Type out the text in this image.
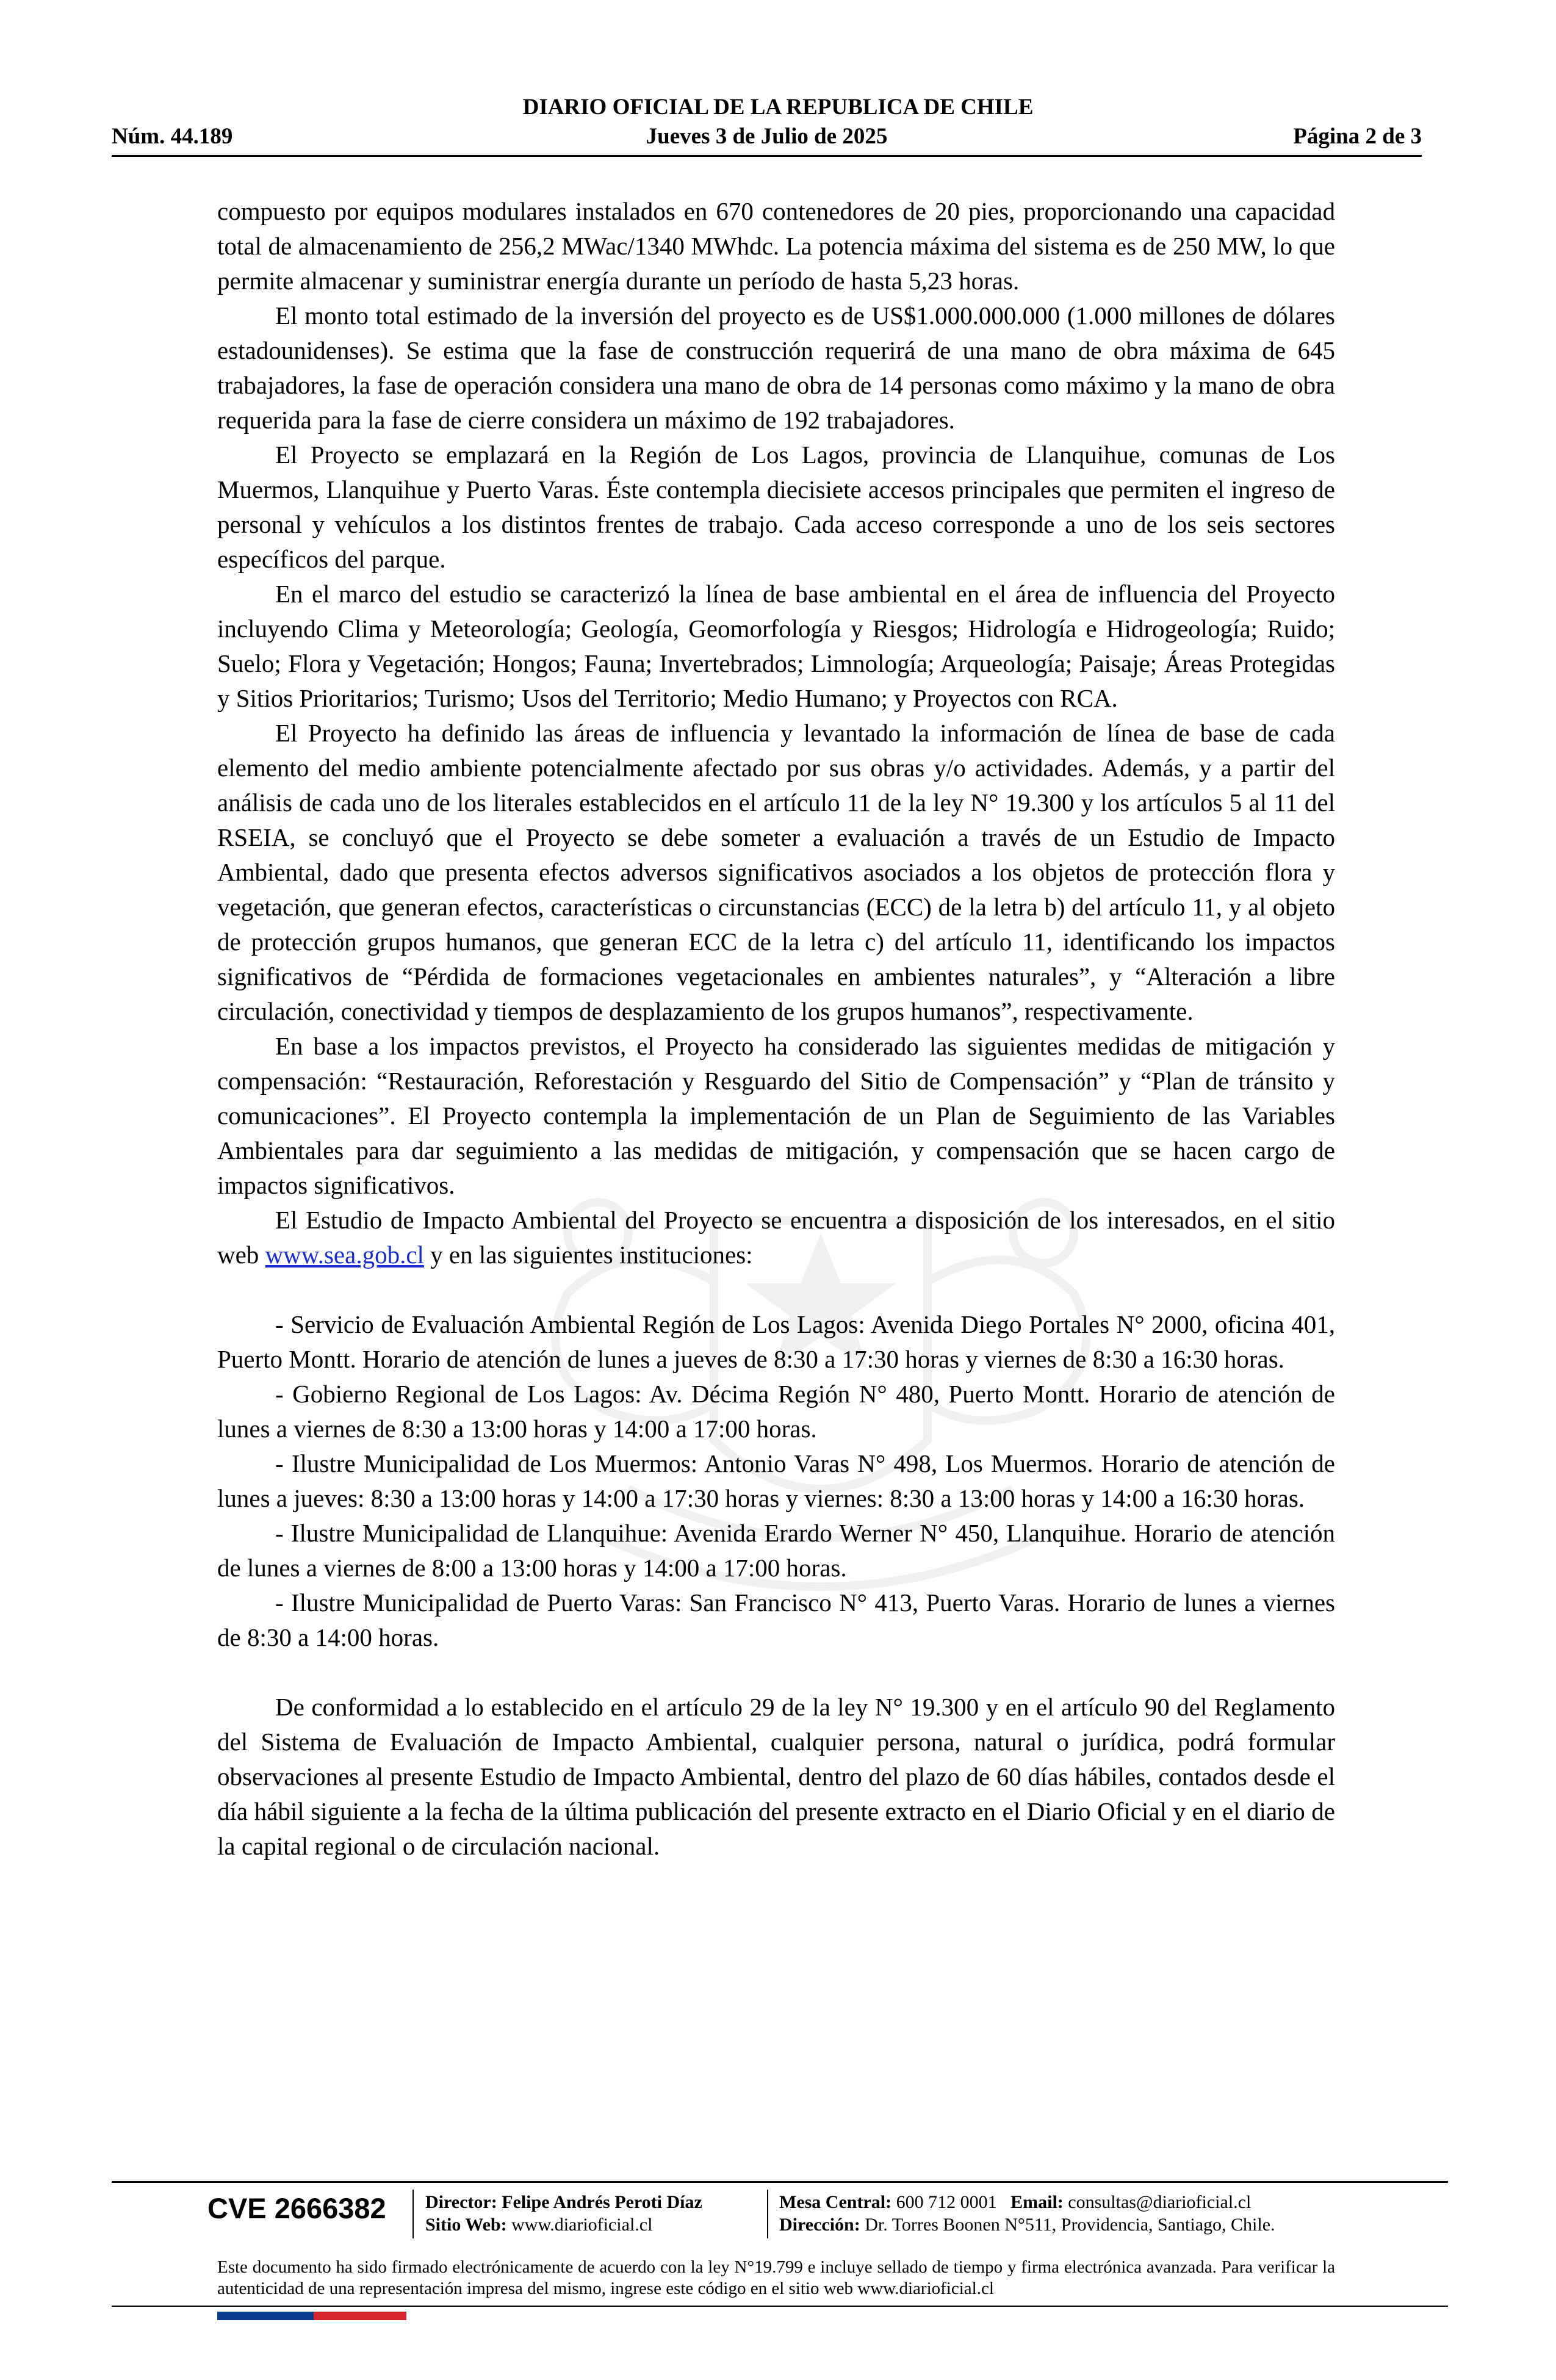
DIARIO OFICIAL DE LA REPUBLICA DE CHILE
Núm. 44.189	Jueves 3 de Julio de 2025	Página 2 de 3

compuesto por equipos modulares instalados en 670 contenedores de 20 pies, proporcionando una capacidad total de almacenamiento de 256,2 MWac/1340 MWhdc. La potencia máxima del sistema es de 250 MW, lo que permite almacenar y suministrar energía durante un período de hasta 5,23 horas.

El monto total estimado de la inversión del proyecto es de US$1.000.000.000 (1.000 millones de dólares estadounidenses). Se estima que la fase de construcción requerirá de una mano de obra máxima de 645 trabajadores, la fase de operación considera una mano de obra de 14 personas como máximo y la mano de obra requerida para la fase de cierre considera un máximo de 192 trabajadores.

El Proyecto se emplazará en la Región de Los Lagos, provincia de Llanquihue, comunas de Los Muermos, Llanquihue y Puerto Varas. Éste contempla diecisiete accesos principales que permiten el ingreso de personal y vehículos a los distintos frentes de trabajo. Cada acceso corresponde a uno de los seis sectores específicos del parque.

En el marco del estudio se caracterizó la línea de base ambiental en el área de influencia del Proyecto incluyendo Clima y Meteorología; Geología, Geomorfología y Riesgos; Hidrología e Hidrogeología; Ruido; Suelo; Flora y Vegetación; Hongos; Fauna; Invertebrados; Limnología; Arqueología; Paisaje; Áreas Protegidas y Sitios Prioritarios; Turismo; Usos del Territorio; Medio Humano; y Proyectos con RCA.

El Proyecto ha definido las áreas de influencia y levantado la información de línea de base de cada elemento del medio ambiente potencialmente afectado por sus obras y/o actividades. Además, y a partir del análisis de cada uno de los literales establecidos en el artículo 11 de la ley N° 19.300 y los artículos 5 al 11 del RSEIA, se concluyó que el Proyecto se debe someter a evaluación a través de un Estudio de Impacto Ambiental, dado que presenta efectos adversos significativos asociados a los objetos de protección flora y vegetación, que generan efectos, características o circunstancias (ECC) de la letra b) del artículo 11, y al objeto de protección grupos humanos, que generan ECC de la letra c) del artículo 11, identificando los impactos significativos de “Pérdida de formaciones vegetacionales en ambientes naturales”, y “Alteración a libre circulación, conectividad y tiempos de desplazamiento de los grupos humanos”, respectivamente.

En base a los impactos previstos, el Proyecto ha considerado las siguientes medidas de mitigación y compensación: “Restauración, Reforestación y Resguardo del Sitio de Compensación” y “Plan de tránsito y comunicaciones”. El Proyecto contempla la implementación de un Plan de Seguimiento de las Variables Ambientales para dar seguimiento a las medidas de mitigación, y compensación que se hacen cargo de impactos significativos.

El Estudio de Impacto Ambiental del Proyecto se encuentra a disposición de los interesados, en el sitio web www.sea.gob.cl y en las siguientes instituciones:

- Servicio de Evaluación Ambiental Región de Los Lagos: Avenida Diego Portales N° 2000, oficina 401, Puerto Montt. Horario de atención de lunes a jueves de 8:30 a 17:30 horas y viernes de 8:30 a 16:30 horas.

- Gobierno Regional de Los Lagos: Av. Décima Región N° 480, Puerto Montt. Horario de atención de lunes a viernes de 8:30 a 13:00 horas y 14:00 a 17:00 horas.

- Ilustre Municipalidad de Los Muermos: Antonio Varas N° 498, Los Muermos. Horario de atención de lunes a jueves: 8:30 a 13:00 horas y 14:00 a 17:30 horas y viernes: 8:30 a 13:00 horas y 14:00 a 16:30 horas.

- Ilustre Municipalidad de Llanquihue: Avenida Erardo Werner N° 450, Llanquihue. Horario de atención de lunes a viernes de 8:00 a 13:00 horas y 14:00 a 17:00 horas.

- Ilustre Municipalidad de Puerto Varas: San Francisco N° 413, Puerto Varas. Horario de lunes a viernes de 8:30 a 14:00 horas.

De conformidad a lo establecido en el artículo 29 de la ley N° 19.300 y en el artículo 90 del Reglamento del Sistema de Evaluación de Impacto Ambiental, cualquier persona, natural o jurídica, podrá formular observaciones al presente Estudio de Impacto Ambiental, dentro del plazo de 60 días hábiles, contados desde el día hábil siguiente a la fecha de la última publicación del presente extracto en el Diario Oficial y en el diario de la capital regional o de circulación nacional.

CVE 2666382	Director: Felipe Andrés Peroti Díaz
Sitio Web: www.diarioficial.cl
Mesa Central: 600 712 0001 Email: consultas@diarioficial.cl
Dirección: Dr. Torres Boonen N°511, Providencia, Santiago, Chile.
Este documento ha sido firmado electrónicamente de acuerdo con la ley N°19.799 e incluye sellado de tiempo y firma electrónica avanzada. Para verificar la autenticidad de una representación impresa del mismo, ingrese este código en el sitio web www.diarioficial.cl
